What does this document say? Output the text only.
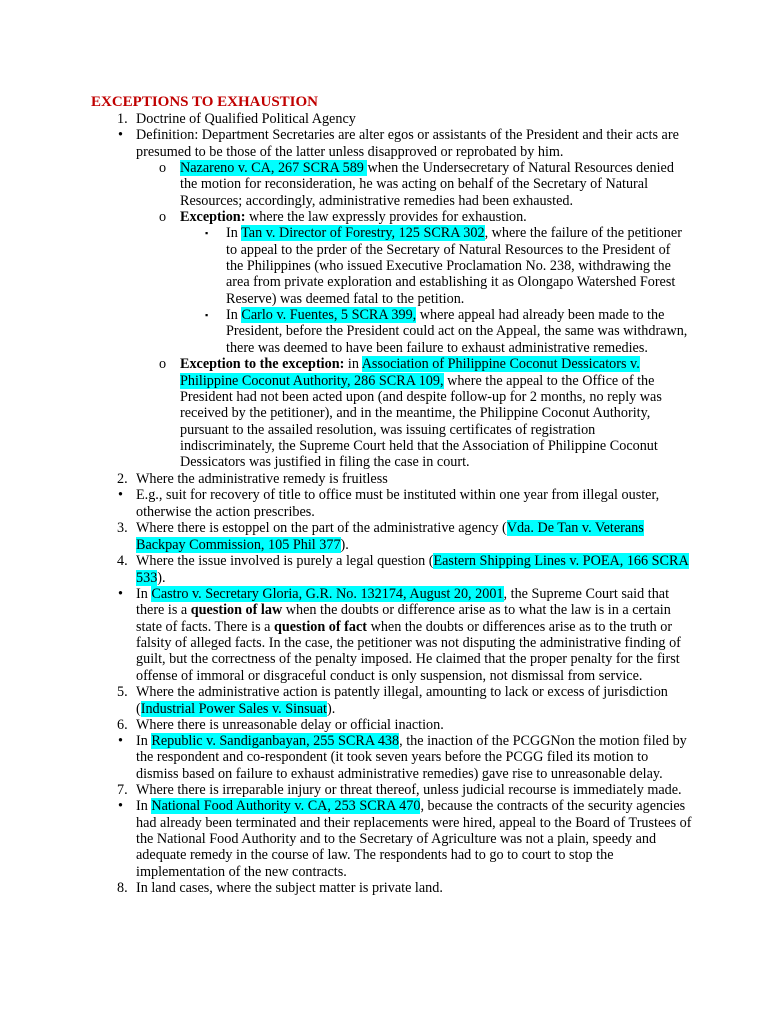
EXCEPTIONS TO EXHAUSTION
1.
•
o
o
▪
▪
o
2.
•
3.
4.
•
5.
6.
•
7.
•
8.
Doctrine of Qualified Political Agency
Definition: Department Secretaries are alter egos or assistants of the President and their acts are
presumed to be those of the latter unless disapproved or reprobated by him.
Nazareno v. CA, 267 SCRA 589 when the Undersecretary of Natural Resources denied
the motion for reconsideration, he was acting on behalf of the Secretary of Natural
Resources; accordingly, administrative remedies had been exhausted.
Exception: where the law expressly provides for exhaustion.
In Tan v. Director of Forestry, 125 SCRA 302, where the failure of the petitioner
to appeal to the prder of the Secretary of Natural Resources to the President of
the Philippines (who issued Executive Proclamation No. 238, withdrawing the
area from private exploration and establishing it as Olongapo Watershed Forest
Reserve) was deemed fatal to the petition.
In Carlo v. Fuentes, 5 SCRA 399, where appeal had already been made to the
President, before the President could act on the Appeal, the same was withdrawn,
there was deemed to have been failure to exhaust administrative remedies.
Exception to the exception: in Association of Philippine Coconut Dessicators v.
Philippine Coconut Authority, 286 SCRA 109, where the appeal to the Office of the
President had not been acted upon (and despite follow-up for 2 months, no reply was
received by the petitioner), and in the meantime, the Philippine Coconut Authority,
pursuant to the assailed resolution, was issuing certificates of registration
indiscriminately, the Supreme Court held that the Association of Philippine Coconut
Dessicators was justified in filing the case in court.
Where the administrative remedy is fruitless
E.g., suit for recovery of title to office must be instituted within one year from illegal ouster,
otherwise the action prescribes.
Where there is estoppel on the part of the administrative agency (Vda. De Tan v. Veterans
Backpay Commission, 105 Phil 377).
Where the issue involved is purely a legal question (Eastern Shipping Lines v. POEA, 166 SCRA
533).
In Castro v. Secretary Gloria, G.R. No. 132174, August 20, 2001, the Supreme Court said that
there is a question of law when the doubts or difference arise as to what the law is in a certain
state of facts. There is a question of fact when the doubts or differences arise as to the truth or
falsity of alleged facts. In the case, the petitioner was not disputing the administrative finding of
guilt, but the correctness of the penalty imposed. He claimed that the proper penalty for the first
offense of immoral or disgraceful conduct is only suspension, not dismissal from service.
Where the administrative action is patently illegal, amounting to lack or excess of jurisdiction
(Industrial Power Sales v. Sinsuat).
Where there is unreasonable delay or official inaction.
In Republic v. Sandiganbayan, 255 SCRA 438, the inaction of the PCGGNon the motion filed by
the respondent and co-respondent (it took seven years before the PCGG filed its motion to
dismiss based on failure to exhaust administrative remedies) gave rise to unreasonable delay.
Where there is irreparable injury or threat thereof, unless judicial recourse is immediately made.
In National Food Authority v. CA, 253 SCRA 470, because the contracts of the security agencies
had already been terminated and their replacements were hired, appeal to the Board of Trustees of
the National Food Authority and to the Secretary of Agriculture was not a plain, speedy and
adequate remedy in the course of law. The respondents had to go to court to stop the
implementation of the new contracts.
In land cases, where the subject matter is private land.
